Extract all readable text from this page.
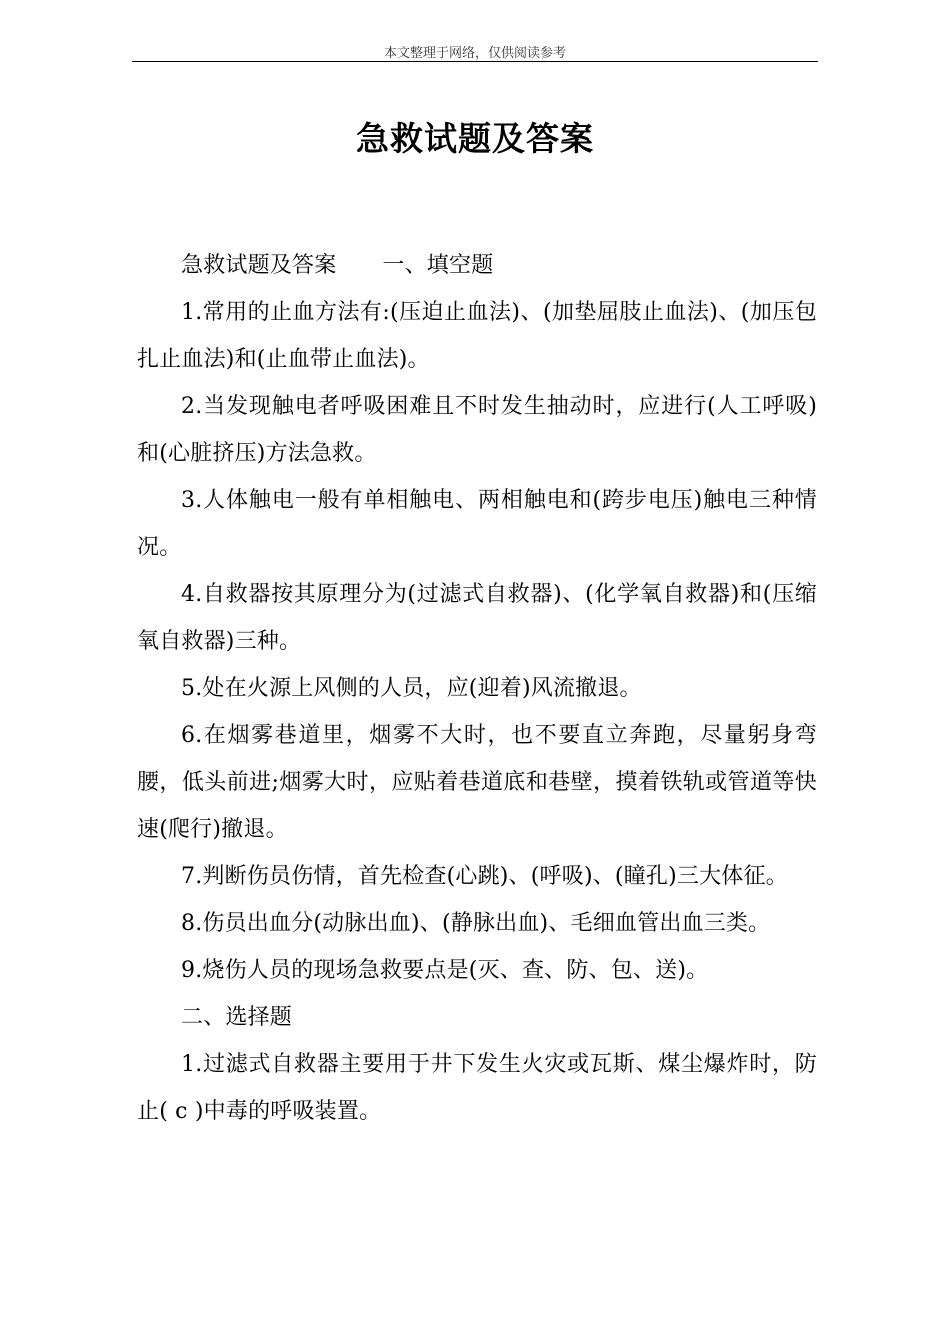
本文整理于网络，仅供阅读参考
急救试题及答案

急救试题及答案 一、填空题

1.常用的止血方法有:(压迫止血法)、(加垫屈肢止血法)、(加压包扎止血法)和(止血带止血法)。

2.当发现触电者呼吸困难且不时发生抽动时，应进行(人工呼吸)和(心脏挤压)方法急救。

3.人体触电一般有单相触电、两相触电和(跨步电压)触电三种情况。

4.自救器按其原理分为(过滤式自救器)、(化学氧自救器)和(压缩氧自救器)三种。

5.处在火源上风侧的人员，应(迎着)风流撤退。

6.在烟雾巷道里，烟雾不大时，也不要直立奔跑，尽量躬身弯腰，低头前进;烟雾大时，应贴着巷道底和巷壁，摸着铁轨或管道等快速(爬行)撤退。

7.判断伤员伤情，首先检查(心跳)、(呼吸)、(瞳孔)三大体征。

8.伤员出血分(动脉出血)、(静脉出血)、毛细血管出血三类。

9.烧伤人员的现场急救要点是(灭、查、防、包、送)。

二、选择题

1.过滤式自救器主要用于井下发生火灾或瓦斯、煤尘爆炸时，防止( c )中毒的呼吸装置。
